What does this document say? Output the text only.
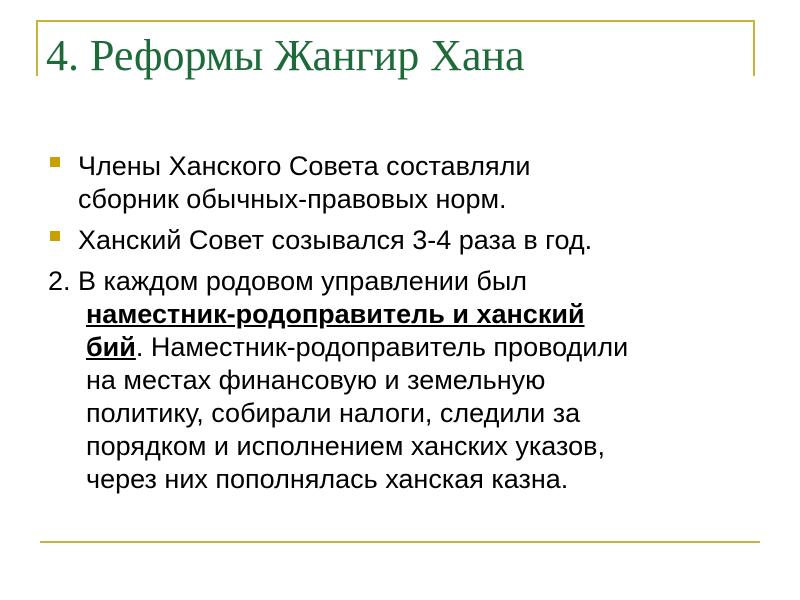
4. Реформы Жангир Хана
Члены Ханского Совета составляли
сборник обычных-правовых норм.
Ханский Совет созывался 3-4 раза в год.
2. В каждом родовом управлении был
наместник-родоправитель и ханский
бий. Наместник-родоправитель проводили
на местах финансовую и земельную
политику, собирали налоги, следили за
порядком и исполнением ханских указов,
через них пополнялась ханская казна.
